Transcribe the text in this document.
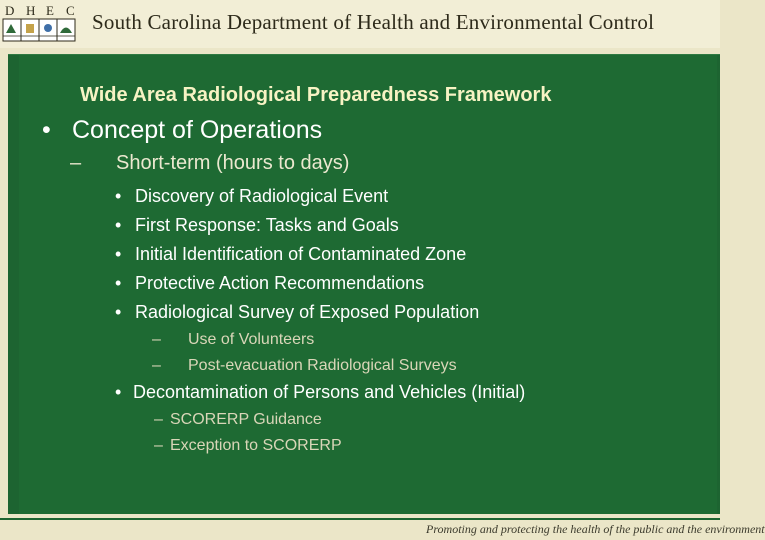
D H E C South Carolina Department of Health and Environmental Control
Wide Area Radiological Preparedness Framework
• Concept of Operations
– Short-term (hours to days)
• Discovery of Radiological Event
• First Response: Tasks and Goals
• Initial Identification of Contaminated Zone
• Protective Action Recommendations
• Radiological Survey of Exposed Population
– Use of Volunteers
– Post-evacuation Radiological Surveys
• Decontamination of Persons and Vehicles (Initial)
– SCORERP Guidance
– Exception to SCORERP
Promoting and protecting the health of the public and the environment
